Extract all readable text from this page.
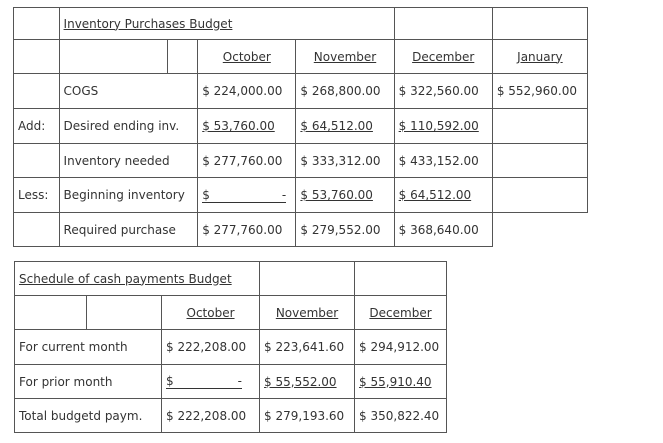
	Inventory Purchases Budget					
			October	November	December	January
	COGS		$ 224,000.00	$ 268,800.00	$ 322,560.00	$ 552,960.00
Add:	Desired ending inv.		$ 53,760.00	$ 64,512.00	$ 110,592.00	
	Inventory needed		$ 277,760.00	$ 333,312.00	$ 433,152.00	
Less:	Beginning inventory		$ -	$ 53,760.00	$ 64,512.00	
	Required purchase		$ 277,760.00	$ 279,552.00	$ 368,640.00	
Schedule of cash payments Budget				
		October	November	December
For current month		$ 222,208.00	$ 223,641.60	$ 294,912.00
For prior month		$ -	$ 55,552.00	$ 55,910.40
Total budgetd paym.		$ 222,208.00	$ 279,193.60	$ 350,822.40
